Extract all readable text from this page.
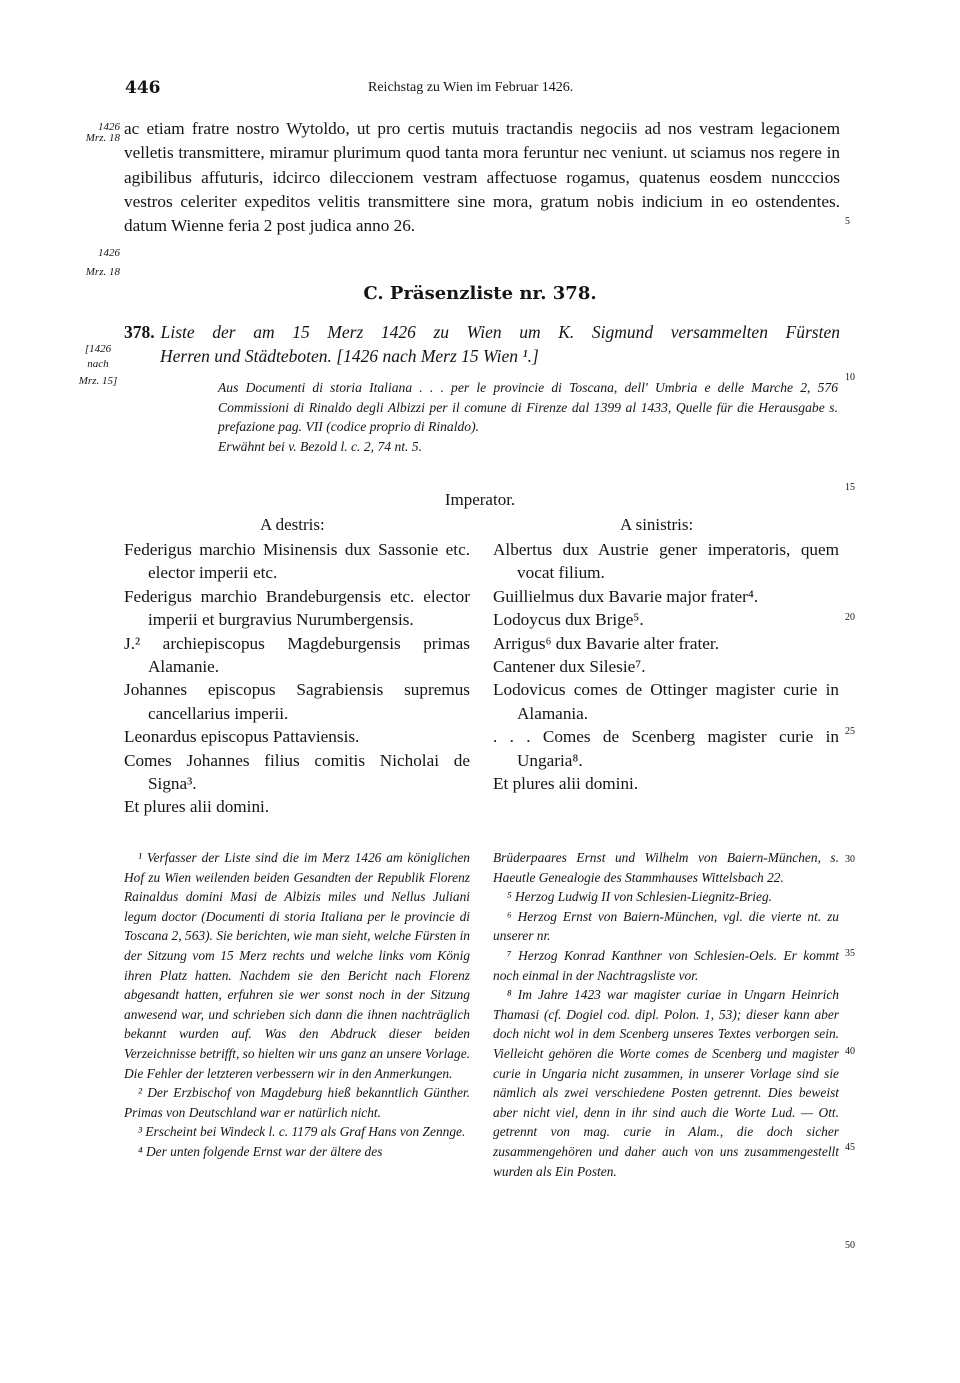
446	Reichstag zu Wien im Februar 1426.
1426
Mrz. 18
1426
Mrz. 18
[1426
nach
Mrz. 15]
5
10
15
20
25
30
35
40
45
50

ac etiam fratre nostro Wytoldo, ut pro certis mutuis tractandis negociis ad nos vestram legacionem velletis transmittere, miramur plurimum quod tanta mora feruntur nec veniunt. ut sciamus nos regere in agibilibus affuturis, idcirco dileccionem vestram affectuose rogamus, quatenus eosdem nuncccios vestros celeriter expeditos velitis transmittere sine mora, gratum nobis indicium in eo ostendentes. datum Wienne feria 2 post judica anno 26.

C. Präsenzliste nr. 378.
378. Liste der am 15 Merz 1426 zu Wien um K. Sigmund versammelten Fürsten
Herren und Städteboten. [1426 nach Merz 15 Wien ¹.]

Aus Documenti di storia Italiana . . . per le provincie di Toscana, dell' Umbria e delle Marche 2, 576 Commissioni di Rinaldo degli Albizzi per il comune di Firenze dal 1399 al 1433, Quelle für die Herausgabe s. prefazione pag. VII (codice proprio di Rinaldo).

Erwähnt bei v. Bezold l. c. 2, 74 nt. 5.

Imperator.
A destris:	A sinistris:

Federigus marchio Misinensis dux Sassonie etc. elector imperii etc.

Federigus marchio Brandeburgensis etc. elector imperii et burgravius Nurumbergensis.

J.² archiepiscopus Magdeburgensis primas Alamanie.

Johannes episcopus Sagrabiensis supremus cancellarius imperii.

Leonardus episcopus Pattaviensis.

Comes Johannes filius comitis Nicholai de Signa³.

Et plures alii domini.

Albertus dux Austrie gener imperatoris, quem vocat filium.

Guillielmus dux Bavarie major frater⁴.

Lodoycus dux Brige⁵.

Arrigus⁶ dux Bavarie alter frater.

Cantener dux Silesie⁷.

Lodovicus comes de Ottinger magister curie in Alamania.

. . . Comes de Scenberg magister curie in Ungaria⁸.

Et plures alii domini.

¹ Verfasser der Liste sind die im Merz 1426 am königlichen Hof zu Wien weilenden beiden Gesandten der Republik Florenz Rainaldus domini Masi de Albizis miles und Nellus Juliani legum doctor (Documenti di storia Italiana per le provincie di Toscana 2, 563). Sie berichten, wie man sieht, welche Fürsten in der Sitzung vom 15 Merz rechts und welche links vom König ihren Platz hatten. Nachdem sie den Bericht nach Florenz abgesandt hatten, erfuhren sie wer sonst noch in der Sitzung anwesend war, und schrieben sich dann die ihnen nachträglich bekannt wurden auf. Was den Abdruck dieser beiden Verzeichnisse betrifft, so hielten wir uns ganz an unsere Vorlage. Die Fehler der letzteren verbessern wir in den Anmerkungen.

² Der Erzbischof von Magdeburg hieß bekanntlich Günther. Primas von Deutschland war er natürlich nicht.

³ Erscheint bei Windeck l. c. 1179 als Graf Hans von Zennge.

⁴ Der unten folgende Ernst war der ältere des

Brüderpaares Ernst und Wilhelm von Baiern-München, s. Haeutle Genealogie des Stammhauses Wittelsbach 22.

⁵ Herzog Ludwig II von Schlesien-Liegnitz-Brieg.

⁶ Herzog Ernst von Baiern-München, vgl. die vierte nt. zu unserer nr.

⁷ Herzog Konrad Kanthner von Schlesien-Oels. Er kommt noch einmal in der Nachtragsliste vor.

⁸ Im Jahre 1423 war magister curiae in Ungarn Heinrich Thamasi (cf. Dogiel cod. dipl. Polon. 1, 53); dieser kann aber doch nicht wol in dem Scenberg unseres Textes verborgen sein. Vielleicht gehören die Worte comes de Scenberg und magister curie in Ungaria nicht zusammen, in unserer Vorlage sind sie nämlich als zwei verschiedene Posten getrennt. Dies beweist aber nicht viel, denn in ihr sind auch die Worte Lud. — Ott. getrennt von mag. curie in Alam., die doch sicher zusammengehören und daher auch von uns zusammengestellt wurden als Ein Posten.
